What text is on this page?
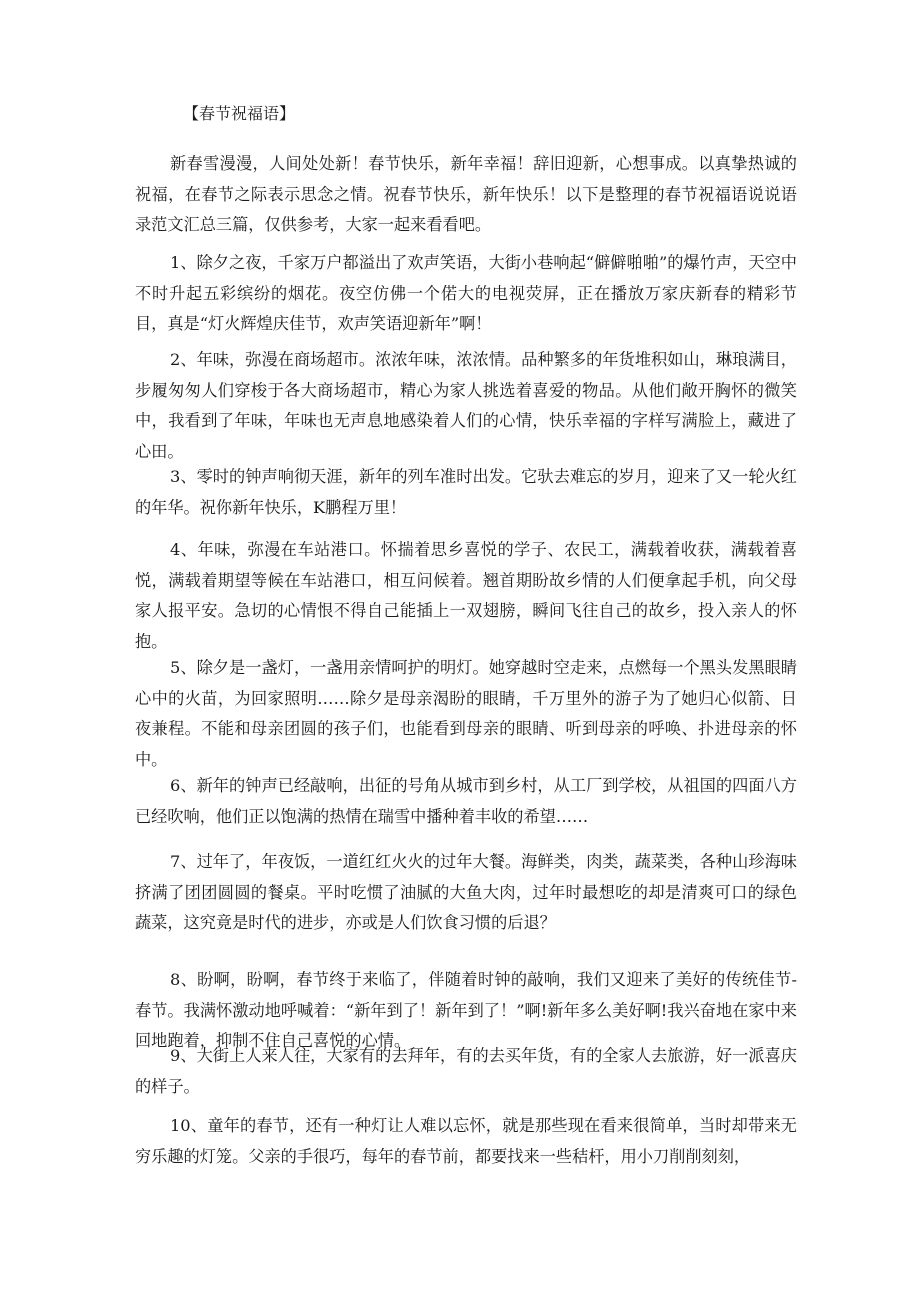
【春节祝福语】

新春雪漫漫，人间处处新！春节快乐，新年幸福！辞旧迎新，心想事成。以真挚热诚的祝福，在春节之际表示思念之情。祝春节快乐，新年快乐！以下是整理的春节祝福语说说语录范文汇总三篇，仅供参考，大家一起来看看吧。

1、除夕之夜，千家万户都溢出了欢声笑语，大街小巷响起“僻僻啪啪”的爆竹声，天空中不时升起五彩缤纷的烟花。夜空仿佛一个偌大的电视荧屏，正在播放万家庆新春的精彩节目，真是“灯火辉煌庆佳节，欢声笑语迎新年”啊！

2、年味，弥漫在商场超市。浓浓年味，浓浓情。品种繁多的年货堆积如山，琳琅满目，步履匆匆人们穿梭于各大商场超市，精心为家人挑选着喜爱的物品。从他们敞开胸怀的微笑中，我看到了年味，年味也无声息地感染着人们的心情，快乐幸福的字样写满脸上，藏进了心田。

3、零时的钟声响彻天涯，新年的列车准时出发。它驮去难忘的岁月，迎来了又一轮火红的年华。祝你新年快乐，K鹏程万里！

4、年味，弥漫在车站港口。怀揣着思乡喜悦的学子、农民工，满载着收获，满载着喜悦，满载着期望等候在车站港口，相互问候着。翘首期盼故乡情的人们便拿起手机，向父母家人报平安。急切的心情恨不得自己能插上一双翅膀，瞬间飞往自己的故乡，投入亲人的怀抱。

5、除夕是一盏灯，一盏用亲情呵护的明灯。她穿越时空走来，点燃每一个黑头发黑眼睛心中的火苗，为回家照明……除夕是母亲渴盼的眼睛，千万里外的游子为了她归心似箭、日夜兼程。不能和母亲团圆的孩子们，也能看到母亲的眼睛、听到母亲的呼唤、扑进母亲的怀中。

6、新年的钟声已经敲响，出征的号角从城市到乡村，从工厂到学校，从祖国的四面八方已经吹响，他们正以饱满的热情在瑞雪中播种着丰收的希望……

7、过年了，年夜饭，一道红红火火的过年大餐。海鲜类，肉类，蔬菜类，各种山珍海味挤满了团团圆圆的餐桌。平时吃惯了油腻的大鱼大肉，过年时最想吃的却是清爽可口的绿色蔬菜，这究竟是时代的进步，亦或是人们饮食习惯的后退？

8、盼啊，盼啊，春节终于来临了，伴随着时钟的敲响，我们又迎来了美好的传统佳节-春节。我满怀激动地呼喊着：“新年到了！新年到了！”啊!新年多么美好啊!我兴奋地在家中来回地跑着，抑制不住自己喜悦的心情。

9、大街上人来人往，大家有的去拜年，有的去买年货，有的全家人去旅游，好一派喜庆的样子。

10、童年的春节，还有一种灯让人难以忘怀，就是那些现在看来很简单，当时却带来无穷乐趣的灯笼。父亲的手很巧，每年的春节前，都要找来一些秸杆，用小刀削削刻刻，
